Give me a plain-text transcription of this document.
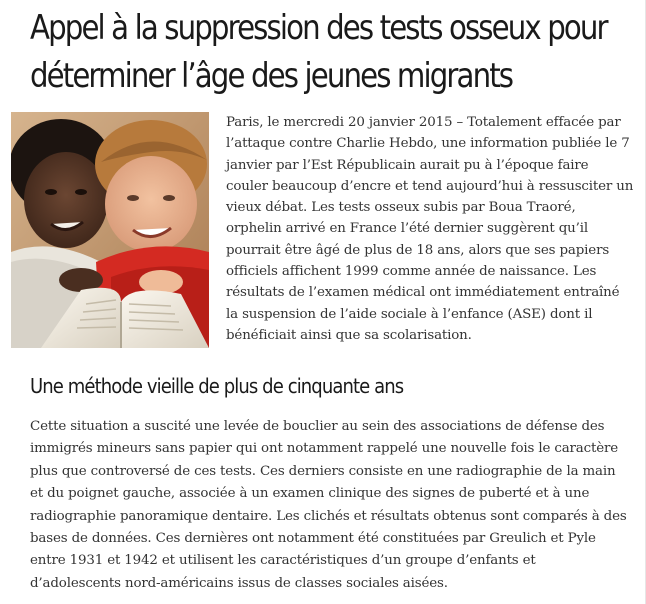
Appel à la suppression des tests osseux pour déterminer l’âge des jeunes migrants

Paris, le mercredi 20 janvier 2015 – Totalement effacée par l’attaque contre Charlie Hebdo, une information publiée le 7 janvier par l’Est Républicain aurait pu à l’époque faire couler beaucoup d’encre et tend aujourd’hui à ressusciter un vieux débat. Les tests osseux subis par Boua Traoré, orphelin arrivé en France l’été dernier suggèrent qu’il pourrait être âgé de plus de 18 ans, alors que ses papiers officiels affichent 1999 comme année de naissance. Les résultats de l’examen médical ont immédiatement entraîné la suspension de l’aide sociale à l’enfance (ASE) dont il bénéficiait ainsi que sa scolarisation.

Une méthode vieille de plus de cinquante ans

Cette situation a suscité une levée de bouclier au sein des associations de défense des immigrés mineurs sans papier qui ont notamment rappelé une nouvelle fois le caractère plus que controversé de ces tests. Ces derniers consiste en une radiographie de la main et du poignet gauche, associée à un examen clinique des signes de puberté et à une radiographie panoramique dentaire. Les clichés et résultats obtenus sont comparés à des bases de données. Ces dernières ont notamment été constituées par Greulich et Pyle entre 1931 et 1942 et utilisent les caractéristiques d’un groupe d’enfants et d’adolescents nord-américains issus de classes sociales aisées.
